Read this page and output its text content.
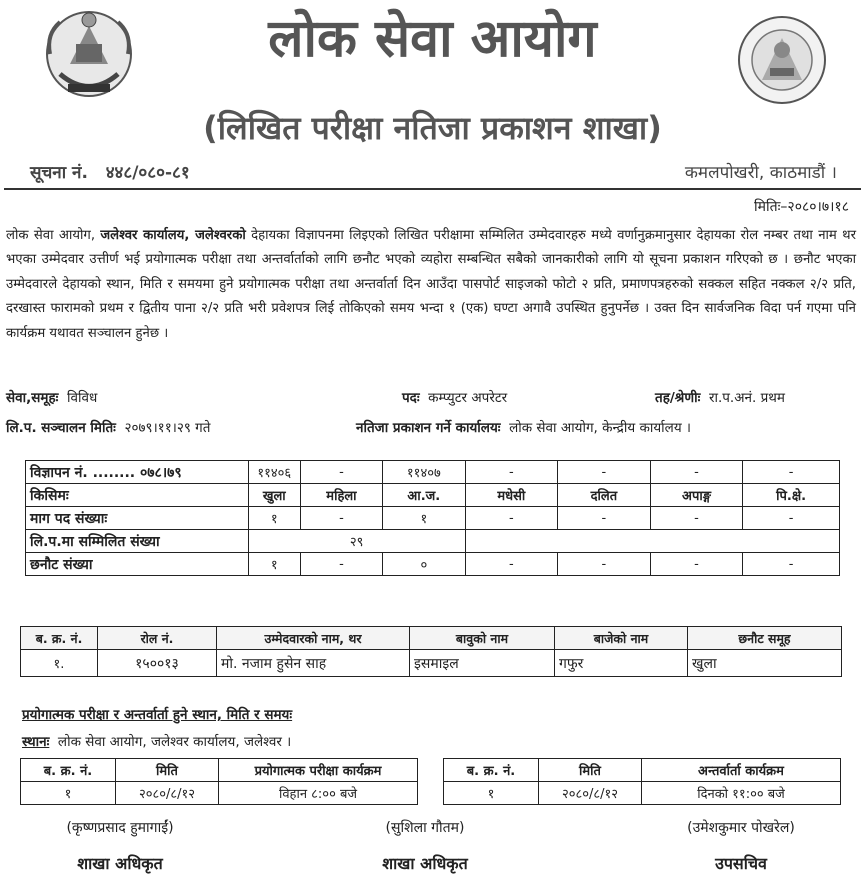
लोक सेवा आयोग
(लिखित परीक्षा नतिजा प्रकाशन शाखा)
सूचना नं. ४४८/०८०-८१	कमलपोखरी, काठमाडौं ।
मितिः–२०८०।७।१८
लोक सेवा आयोग, जलेश्वर कार्यालय, जलेश्वरको देहायका विज्ञापनमा लिइएको लिखित परीक्षामा सम्मिलित उम्मेदवारहरु मध्ये वर्णानुक्रमानुसार देहायका रोल नम्बर तथा नाम थर भएका उम्मेदवार उत्तीर्ण भई प्रयोगात्मक परीक्षा तथा अन्तर्वार्ताको लागि छनौट भएको व्यहोरा सम्बन्धित सबैको जानकारीको लागि यो सूचना प्रकाशन गरिएको छ । छनौट भएका उम्मेदवारले देहायको स्थान, मिति र समयमा हुने प्रयोगात्मक परीक्षा तथा अन्तर्वार्ता दिन आउँदा पासपोर्ट साइजको फोटो २ प्रति, प्रमाणपत्रहरुको सक्कल सहित नक्कल २/२ प्रति, दरखास्त फारामको प्रथम र द्वितीय पाना २/२ प्रति भरी प्रवेशपत्र लिई तोकिएको समय भन्दा १ (एक) घण्टा अगावै उपस्थित हुनुपर्नेछ । उक्त दिन सार्वजनिक विदा पर्न गएमा पनि कार्यक्रम यथावत सञ्चालन हुनेछ ।
सेवा,समूहः विविध	पदः कम्प्युटर अपरेटर	तह/श्रेणीः रा.प.अनं. प्रथम
लि.प. सञ्चालन मितिः २०७९।११।२९ गते	नतिजा प्रकाशन गर्ने कार्यालयः लोक सेवा आयोग, केन्द्रीय कार्यालय ।
विज्ञापन नं. ........ ०७८।७९	११४०६	-	११४०७	-	-	-	-
किसिमः	खुला	महिला	आ.ज.	मधेसी	दलित	अपाङ्ग	पि.क्षे.
माग पद संख्याः	१	-	१	-	-	-	-
लि.प.मा सम्मिलित संख्या	२९						
छनौट संख्या	१	-	०	-	-	-	-
ब. क्र. नं.	रोल नं.	उम्मेदवारको नाम, थर	बावुको नाम	बाजेको नाम	छनौट समूह
१.	१५००१३	मो. नजाम हुसेन साह	इसमाइल	गफुर	खुला
प्रयोगात्मक परीक्षा र अन्तर्वार्ता हुने स्थान, मिति र समयः
स्थानः लोक सेवा आयोग, जलेश्वर कार्यालय, जलेश्वर ।
ब. क्र. नं.	मिति	प्रयोगात्मक परीक्षा कार्यक्रम
१	२०८०/८/१२	विहान ८:०० बजे
ब. क्र. नं.	मिति	अन्तर्वार्ता कार्यक्रम
१	२०८०/८/१२	दिनको ११:०० बजे
(कृष्णप्रसाद हुमागाईं)
शाखा अधिकृत
(सुशिला गौतम)
शाखा अधिकृत
(उमेशकुमार पोखरेल)
उपसचिव
